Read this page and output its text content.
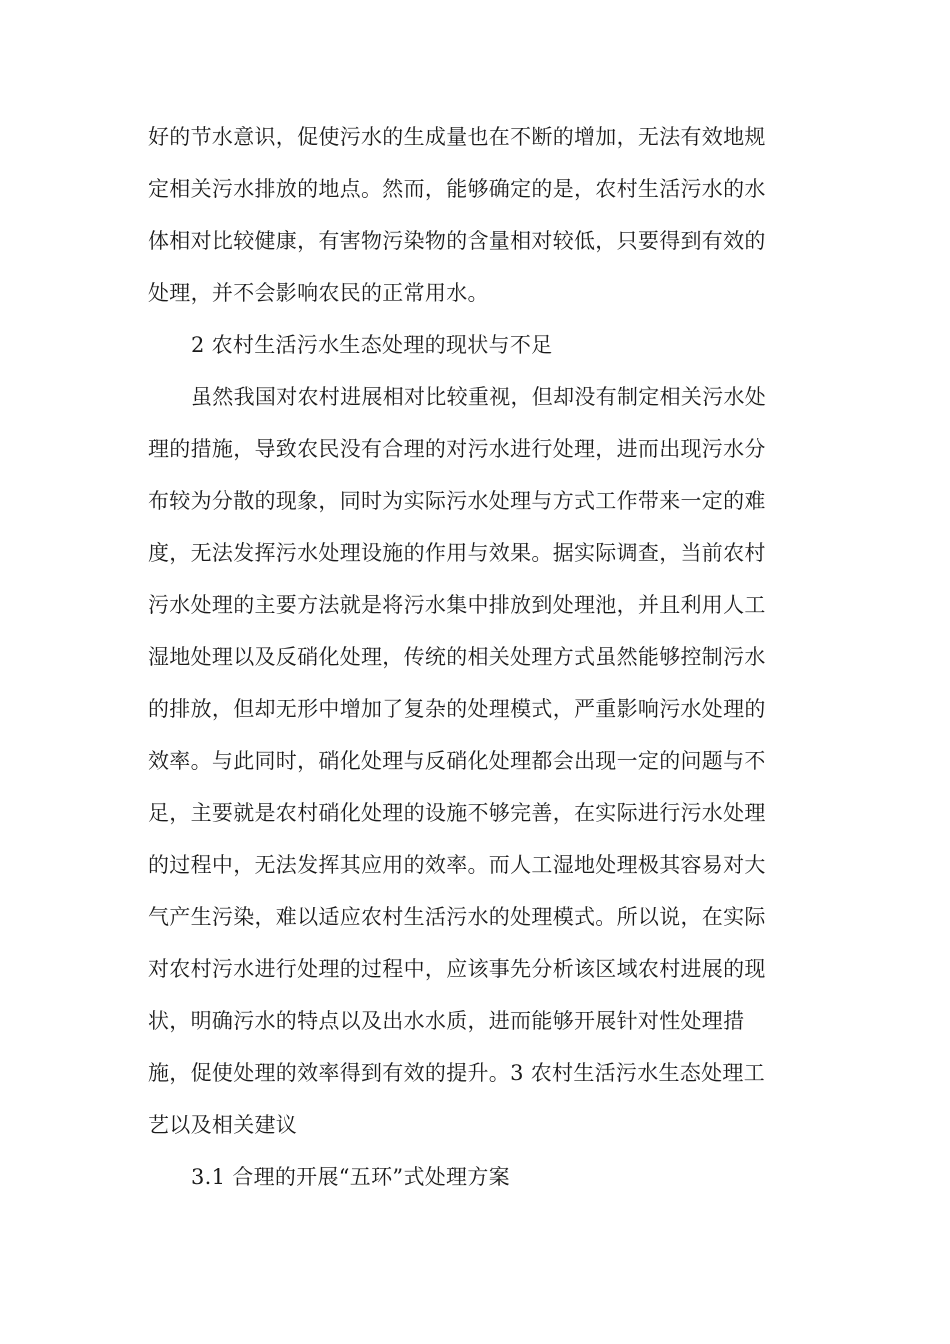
好的节水意识，促使污水的生成量也在不断的增加，无法有效地规
定相关污水排放的地点。然而，能够确定的是，农村生活污水的水
体相对比较健康，有害物污染物的含量相对较低，只要得到有效的
处理，并不会影响农民的正常用水。
2 农村生活污水生态处理的现状与不足
虽然我国对农村进展相对比较重视，但却没有制定相关污水处
理的措施，导致农民没有合理的对污水进行处理，进而出现污水分
布较为分散的现象，同时为实际污水处理与方式工作带来一定的难
度，无法发挥污水处理设施的作用与效果。据实际调查，当前农村
污水处理的主要方法就是将污水集中排放到处理池，并且利用人工
湿地处理以及反硝化处理，传统的相关处理方式虽然能够控制污水
的排放，但却无形中增加了复杂的处理模式，严重影响污水处理的
效率。与此同时，硝化处理与反硝化处理都会出现一定的问题与不
足，主要就是农村硝化处理的设施不够完善，在实际进行污水处理
的过程中，无法发挥其应用的效率。而人工湿地处理极其容易对大
气产生污染，难以适应农村生活污水的处理模式。所以说，在实际
对农村污水进行处理的过程中，应该事先分析该区域农村进展的现
状，明确污水的特点以及出水水质，进而能够开展针对性处理措
施，促使处理的效率得到有效的提升。3 农村生活污水生态处理工
艺以及相关建议
3.1 合理的开展“五环”式处理方案
